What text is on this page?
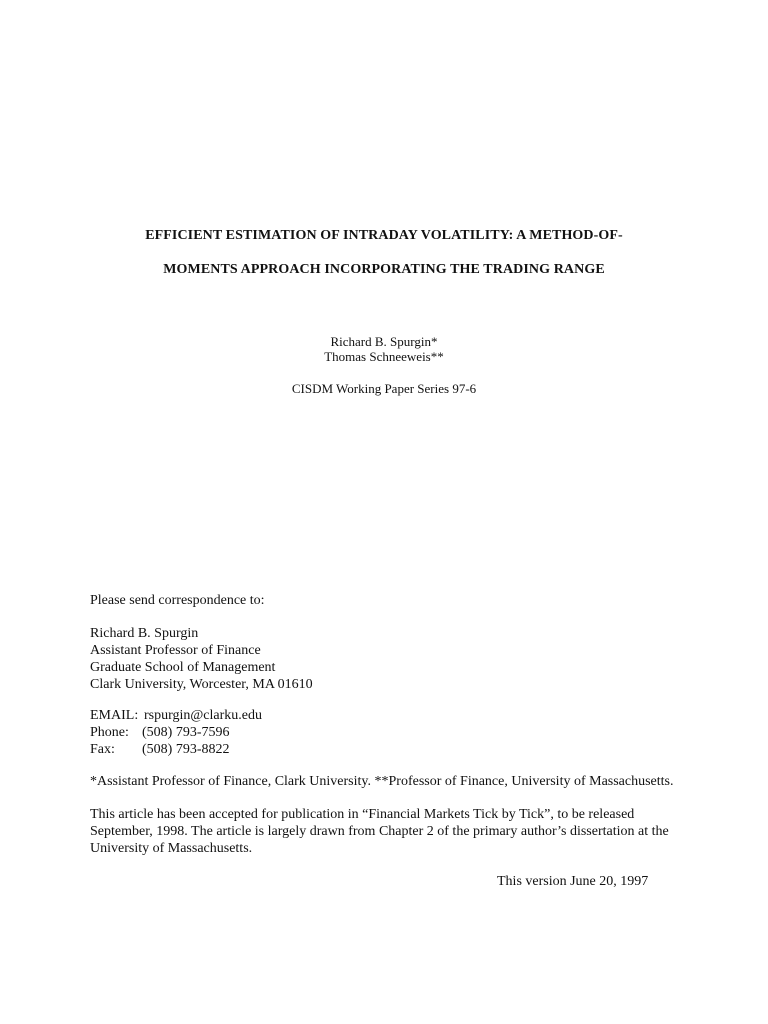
EFFICIENT ESTIMATION OF INTRADAY VOLATILITY: A METHOD-OF-
MOMENTS APPROACH INCORPORATING THE TRADING RANGE
Richard B. Spurgin*
Thomas Schneeweis**
CISDM Working Paper Series 97-6
Please send correspondence to:

Richard B. Spurgin

Assistant Professor of Finance

Graduate School of Management

Clark University, Worcester, MA 01610

EMAIL: rspurgin@clarku.edu
Phone: (508) 793-7596
Fax:	(508) 793-8822
*Assistant Professor of Finance, Clark University. **Professor of Finance, University of Massachusetts.
This article has been accepted for publication in “Financial Markets Tick by Tick”, to be released September, 1998. The article is largely drawn from Chapter 2 of the primary author’s dissertation at the University of Massachusetts.
This version June 20, 1997
